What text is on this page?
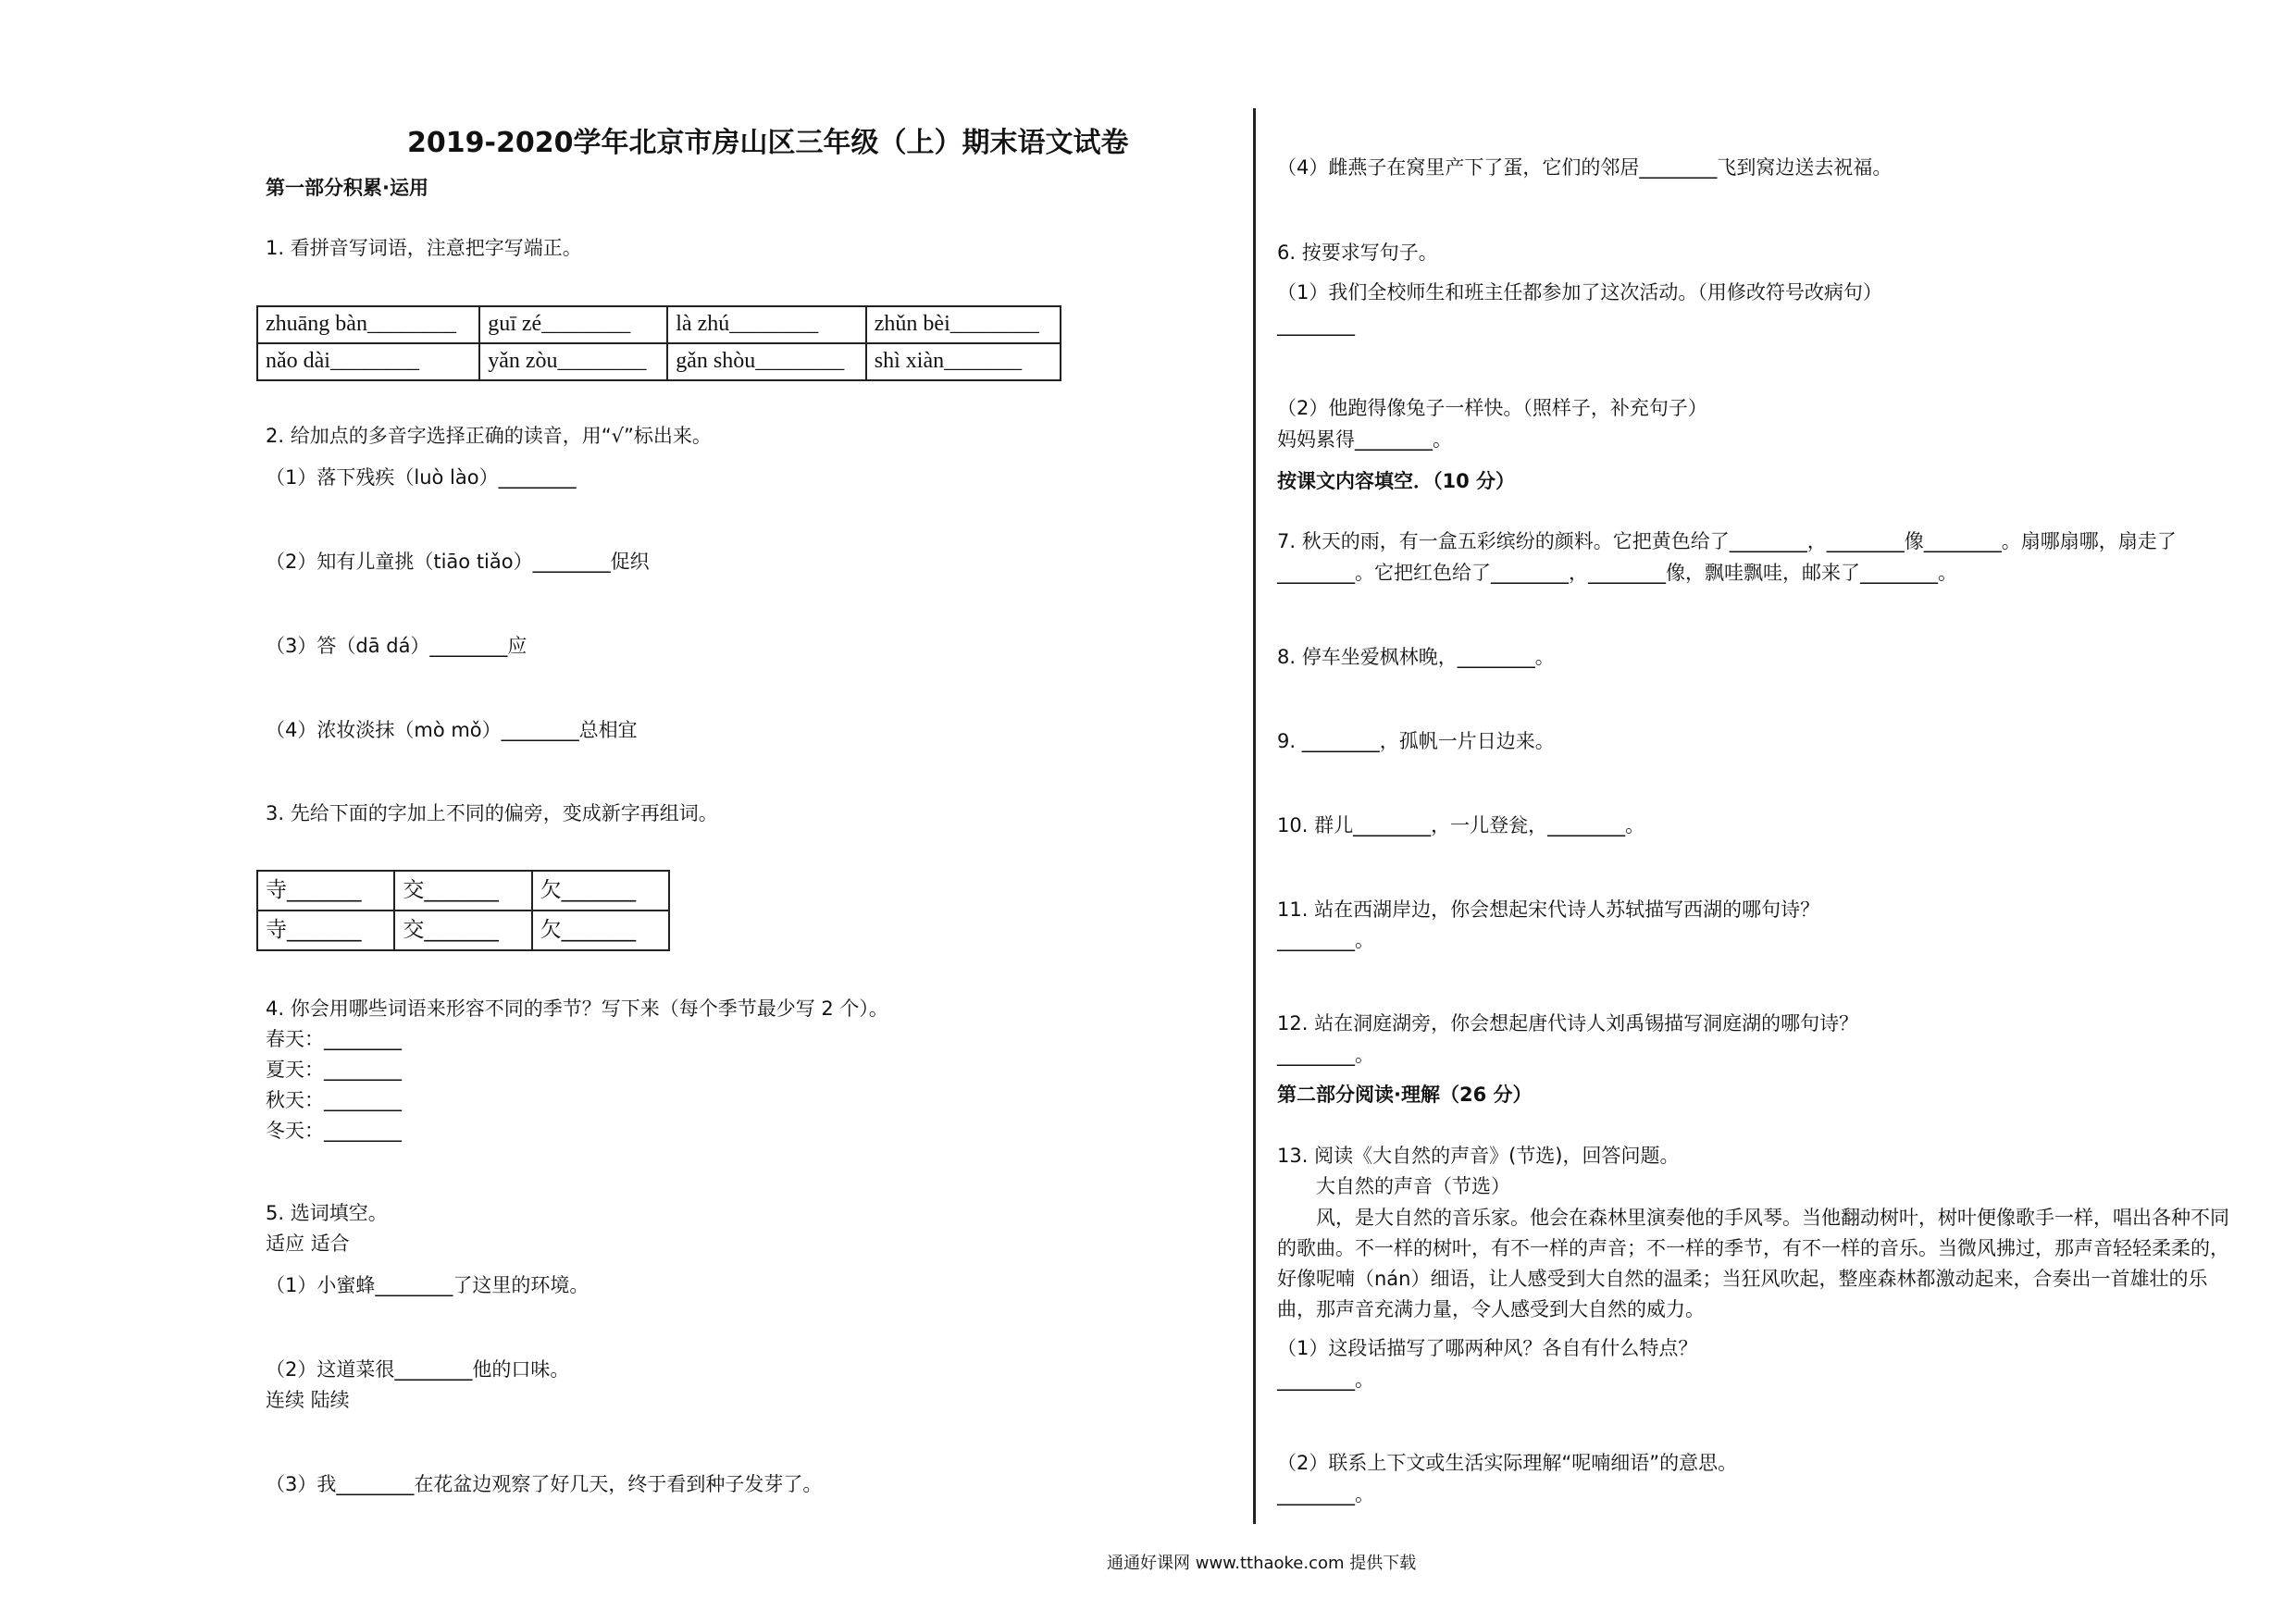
2019-2020学年北京市房山区三年级（上）期末语文试卷
第一部分积累·运用
1. 看拼音写词语，注意把字写端正。
zhuāng bàn________	guī zé________	là zhú________	zhǔn bèi________
nǎo dài________	yǎn zòu________	gǎn shòu________	shì xiàn_______
2. 给加点的多音字选择正确的读音，用“√”标出来。
（1）落下残疾（luò lào）________
（2）知有儿童挑（tiāo tiǎo）________促织
（3）答（dā dá）________应
（4）浓妆淡抹（mò mǒ）________总相宜
3. 先给下面的字加上不同的偏旁，变成新字再组词。
寺_______	交_______	欠_______
寺_______	交_______	欠_______
4. 你会用哪些词语来形容不同的季节？写下来（每个季节最少写 2 个）。
春天：________
夏天：________
秋天：________
冬天：________
5. 选词填空。
适应 适合
（1）小蜜蜂________了这里的环境。
（2）这道菜很________他的口味。
连续 陆续
（3）我________在花盆边观察了好几天，终于看到种子发芽了。
（4）雌燕子在窝里产下了蛋，它们的邻居________飞到窝边送去祝福。
6. 按要求写句子。
（1）我们全校师生和班主任都参加了这次活动。（用修改符号改病句）
________
（2）他跑得像兔子一样快。（照样子，补充句子）
妈妈累得________。
按课文内容填空．（10 分）
7. 秋天的雨，有一盒五彩缤纷的颜料。它把黄色给了________，________像________。扇哪扇哪，扇走了
________。它把红色给了________，________像，飘哇飘哇，邮来了________。
8. 停车坐爱枫林晚，________。
9. ________，孤帆一片日边来。
10. 群儿________，一儿登瓮，________。
11. 站在西湖岸边，你会想起宋代诗人苏轼描写西湖的哪句诗？
________。
12. 站在洞庭湖旁，你会想起唐代诗人刘禹锡描写洞庭湖的哪句诗？
________。
第二部分阅读·理解（26 分）
13. 阅读《大自然的声音》(节选)，回答问题。
大自然的声音（节选）
风，是大自然的音乐家。他会在森林里演奏他的手风琴。当他翻动树叶，树叶便像歌手一样，唱出各种不同的歌曲。不一样的树叶，有不一样的声音；不一样的季节，有不一样的音乐。当微风拂过，那声音轻轻柔柔的，好像呢喃（nán）细语，让人感受到大自然的温柔；当狂风吹起，整座森林都激动起来，合奏出一首雄壮的乐曲，那声音充满力量，令人感受到大自然的威力。
（1）这段话描写了哪两种风？各自有什么特点？
________。
（2）联系上下文或生活实际理解“呢喃细语”的意思。
________。
通通好课网 www.tthaoke.com 提供下载
